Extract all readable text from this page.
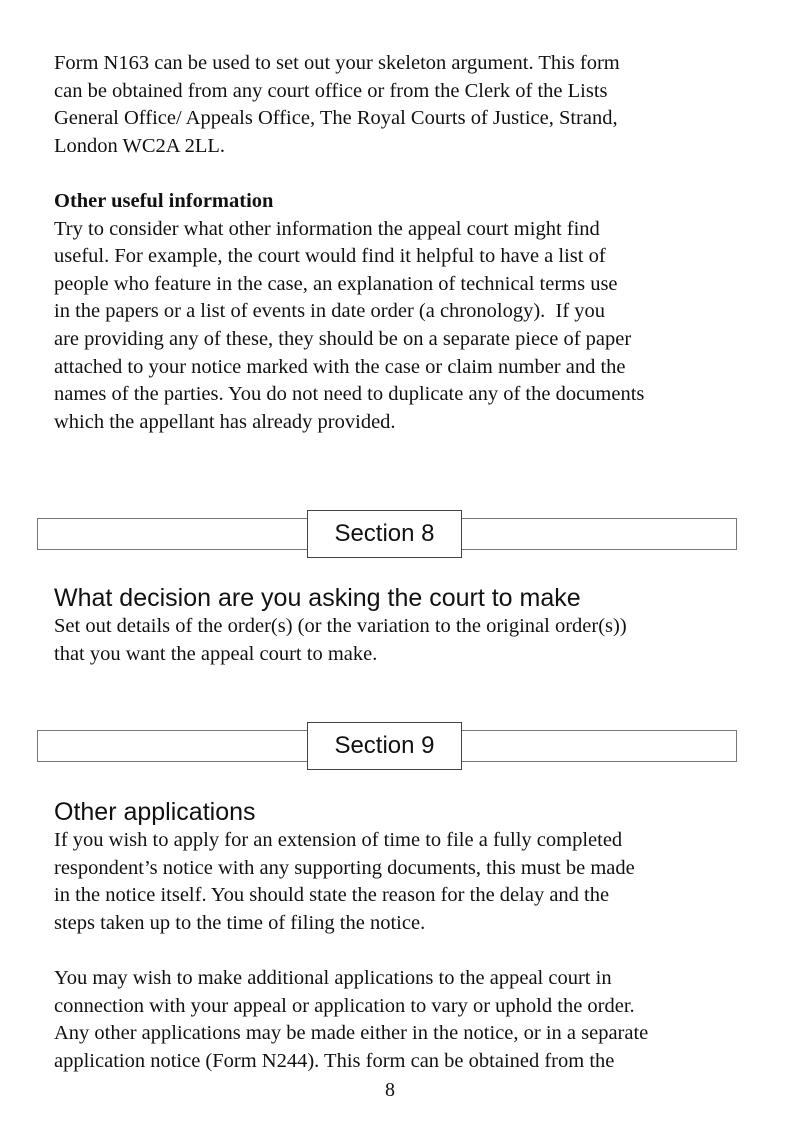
Form N163 can be used to set out your skeleton argument. This form
can be obtained from any court office or from the Clerk of the Lists
General Office/ Appeals Office, The Royal Courts of Justice, Strand,
London WC2A 2LL.
Other useful information
Try to consider what other information the appeal court might find
useful. For example, the court would find it helpful to have a list of
people who feature in the case, an explanation of technical terms use
in the papers or a list of events in date order (a chronology).  If you
are providing any of these, they should be on a separate piece of paper
attached to your notice marked with the case or claim number and the
names of the parties. You do not need to duplicate any of the documents
which the appellant has already provided.
Section 8
What decision are you asking the court to make
Set out details of the order(s) (or the variation to the original order(s))
that you want the appeal court to make.
Section 9
Other applications
If you wish to apply for an extension of time to file a fully completed
respondent’s notice with any supporting documents, this must be made
in the notice itself. You should state the reason for the delay and the
steps taken up to the time of filing the notice.
You may wish to make additional applications to the appeal court in
connection with your appeal or application to vary or uphold the order.
Any other applications may be made either in the notice, or in a separate
application notice (Form N244). This form can be obtained from the
8
